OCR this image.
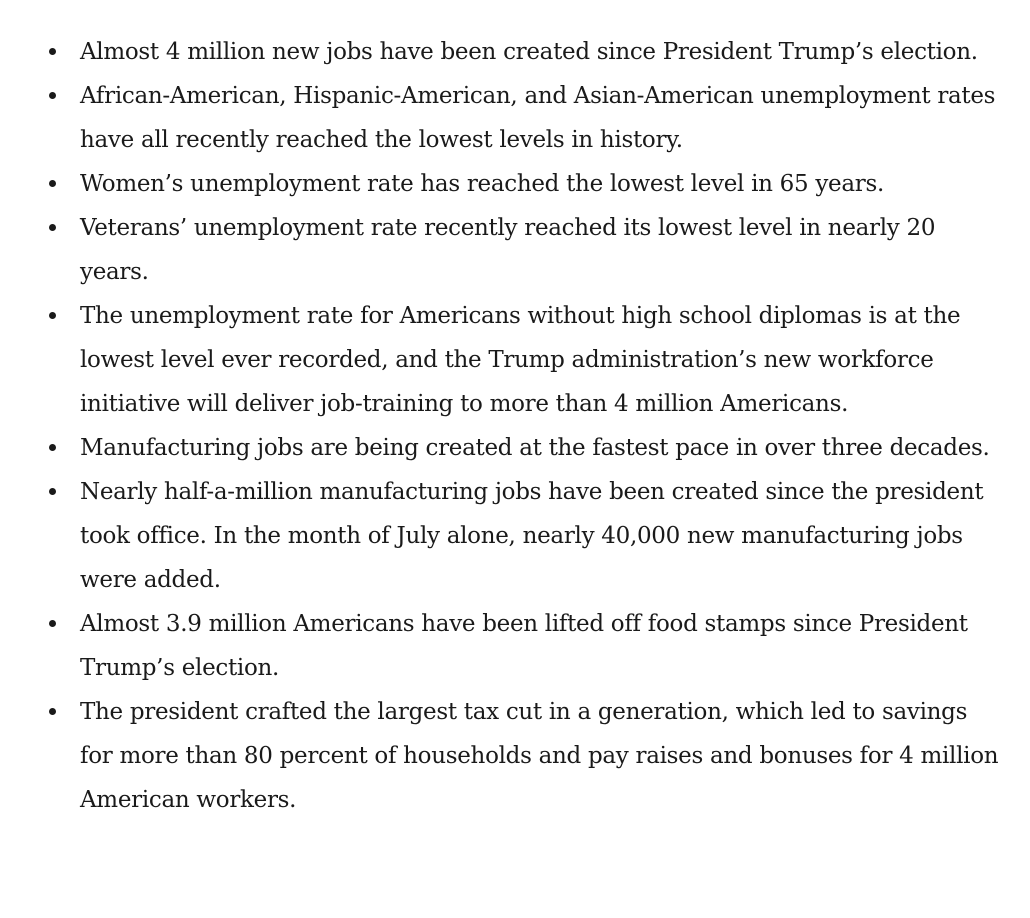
Almost 4 million new jobs have been created since President Trump’s election.
African-American, Hispanic-American, and Asian-American unemployment rates have all recently reached the lowest levels in history.
Women’s unemployment rate has reached the lowest level in 65 years.
Veterans’ unemployment rate recently reached its lowest level in nearly 20 years.
The unemployment rate for Americans without high school diplomas is at the lowest level ever recorded, and the Trump administration’s new workforce initiative will deliver job-training to more than 4 million Americans.
Manufacturing jobs are being created at the fastest pace in over three decades.
Nearly half-a-million manufacturing jobs have been created since the president took office. In the month of July alone, nearly 40,000 new manufacturing jobs were added.
Almost 3.9 million Americans have been lifted off food stamps since President Trump’s election.
The president crafted the largest tax cut in a generation, which led to savings for more than 80 percent of households and pay raises and bonuses for 4 million American workers.
